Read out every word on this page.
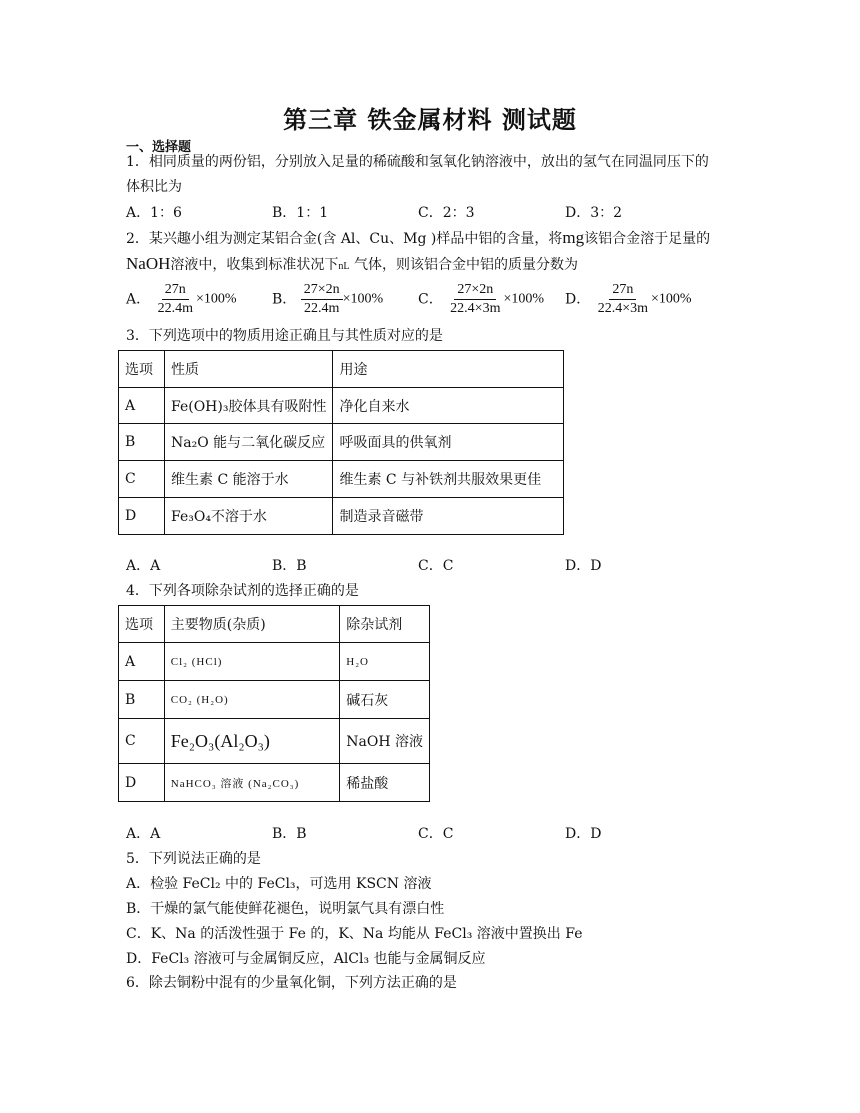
第三章 铁金属材料 测试题
一、选择题
1．相同质量的两份铝，分别放入足量的稀硫酸和氢氧化钠溶液中，放出的氢气在同温同压下的
体积比为
A．1：6	B．1：1	C．2：3	D．3：2
2．某兴趣小组为测定某铝合金(含 Al、Cu、Mg )样品中铝的含量，将mg该铝合金溶于足量的
NaOH溶液中，收集到标准状况下nL 气体，则该铝合金中铝的质量分数为
A． $\frac{27n}{22.4m} \times 100\%$	B． $\frac{27\times 2n}{22.4m} \times 100\%$ C． $\frac{27\times 2n}{22.4\times 3m} \times 100\%$ D． $\frac{27n}{22.4\times 3m} \times 100\%$
3．下列选项中的物质用途正确且与其性质对应的是
选项	性质	用途
A	Fe(OH)₃胶体具有吸附性	净化自来水
B	Na₂O 能与二氧化碳反应	呼吸面具的供氧剂
C	维生素 C 能溶于水	维生素 C 与补铁剂共服效果更佳
D	Fe₃O₄不溶于水	制造录音磁带
A．A	B．B	C．C	D．D
4．下列各项除杂试剂的选择正确的是
选项	主要物质(杂质)	除杂试剂
A	Cl₂ (HCl)	H₂O
B	CO₂ (H₂O)	碱石灰
C	Fe₂O₃(Al₂O₃)	NaOH 溶液
D	NaHCO₃ 溶液 (Na₂CO₃)	稀盐酸
A．A	B．B	C．C	D．D
5．下列说法正确的是
A．检验 FeCl₂ 中的 FeCl₃，可选用 KSCN 溶液
B．干燥的氯气能使鲜花褪色，说明氯气具有漂白性
C．K、Na 的活泼性强于 Fe 的，K、Na 均能从 FeCl₃ 溶液中置换出 Fe
D．FeCl₃ 溶液可与金属铜反应，AlCl₃ 也能与金属铜反应
6．除去铜粉中混有的少量氧化铜，下列方法正确的是
